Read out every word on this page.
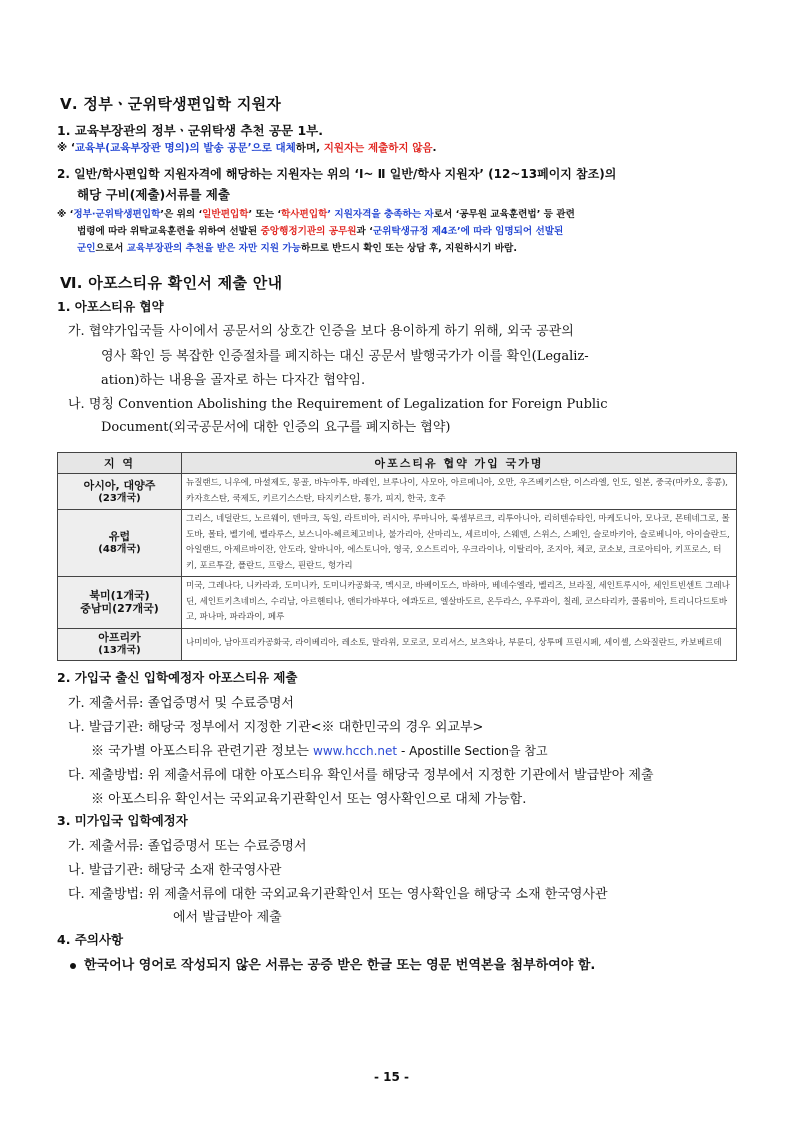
Ⅴ. 정부ㆍ군위탁생편입학 지원자
1. 교육부장관의 정부ㆍ군위탁생 추천 공문 1부.
※ ‘교육부(교육부장관 명의)의 발송 공문’으로 대체하며, 지원자는 제출하지 않음.
2. 일반/학사편입학 지원자격에 해당하는 지원자는 위의 ‘Ⅰ~ Ⅱ 일반/학사 지원자’ (12~13페이지 참조)의
해당 구비(제출)서류를 제출
※ ‘정부·군위탁생편입학’은 위의 ‘일반편입학’ 또는 ‘학사편입학’ 지원자격을 충족하는 자로서 ‘공무원 교육훈련법’ 등 관련
법령에 따라 위탁교육훈련을 위하여 선발된 중앙행정기관의 공무원과 ‘군위탁생규정 제4조’에 따라 임명되어 선발된
군인으로서 교육부장관의 추천을 받은 자만 지원 가능하므로 반드시 확인 또는 상담 후, 지원하시기 바람.
Ⅵ. 아포스티유 확인서 제출 안내
1. 아포스티유 협약
가. 협약가입국들 사이에서 공문서의 상호간 인증을 보다 용이하게 하기 위해, 외국 공관의
영사 확인 등 복잡한 인증절차를 폐지하는 대신 공문서 발행국가가 이를 확인(Legaliz-
ation)하는 내용을 골자로 하는 다자간 협약임.
나. 명칭 Convention Abolishing the Requirement of Legalization for Foreign Public
Document(외국공문서에 대한 인증의 요구를 폐지하는 협약)
지 역	아포스티유 협약 가입 국가명

아시아, 대양주
(23개국)	뉴질랜드, 니우에, 마셜제도, 몽골, 바누아투, 바레인, 브루나이, 사모아, 아르메니아, 오만, 우즈베키스탄, 이스라엘, 인도, 일본, 중국(마카오, 홍콩), 카자흐스탄, 쿡제도, 키르기스스탄, 타지키스탄, 통가, 피지, 한국, 호주

유럽
(48개국)	그리스, 네덜란드, 노르웨이, 덴마크, 독일, 라트비아, 러시아, 루마니아, 룩셈부르크, 리투아니아, 리히텐슈타인, 마케도니아, 모나코, 몬테네그로, 몰도바, 몰타, 벨기에, 벨라루스, 보스니아-헤르체고비나, 불가리아, 산마리노, 세르비아, 스웨덴, 스위스, 스페인, 슬로바키아, 슬로베니아, 아이슬란드, 아일랜드, 아제르바이잔, 안도라, 알바니아, 에스토니아, 영국, 오스트리아, 우크라이나, 이탈리아, 조지아, 체코, 코소보, 크로아티아, 키프로스, 터키, 포르투갈, 폴란드, 프랑스, 핀란드, 헝가리

북미(1개국)
중남미(27개국)	미국, 그레나다, 니카라과, 도미니카, 도미니카공화국, 멕시코, 바베이도스, 바하마, 베네수엘라, 벨리즈, 브라질, 세인트루시아, 세인트빈센트 그레나딘, 세인트키츠네비스, 수리남, 아르헨티나, 앤티가바부다, 에콰도르, 엘살바도르, 온두라스, 우루과이, 칠레, 코스타리카, 콜롬비아, 트리니다드토바고, 파나마, 파라과이, 페루

아프리카
(13개국)	나미비아, 남아프리카공화국, 라이베리아, 레소토, 말라위, 모로코, 모리셔스, 보츠와나, 부룬디, 상투메 프린시페, 세이셸, 스와질란드, 카보베르데
2. 가입국 출신 입학예정자 아포스티유 제출
가. 제출서류: 졸업증명서 및 수료증명서
나. 발급기관: 해당국 정부에서 지정한 기관<※ 대한민국의 경우 외교부>
※ 국가별 아포스티유 관련기관 정보는 www.hcch.net - Apostille Section을 참고
다. 제출방법: 위 제출서류에 대한 아포스티유 확인서를 해당국 정부에서 지정한 기관에서 발급받아 제출
※ 아포스티유 확인서는 국외교육기관확인서 또는 영사확인으로 대체 가능함.
3. 미가입국 입학예정자
가. 제출서류: 졸업증명서 또는 수료증명서
나. 발급기관: 해당국 소재 한국영사관
다. 제출방법: 위 제출서류에 대한 국외교육기관확인서 또는 영사확인을 해당국 소재 한국영사관
에서 발급받아 제출
4. 주의사항
한국어나 영어로 작성되지 않은 서류는 공증 받은 한글 또는 영문 번역본을 첨부하여야 함.
- 15 -
